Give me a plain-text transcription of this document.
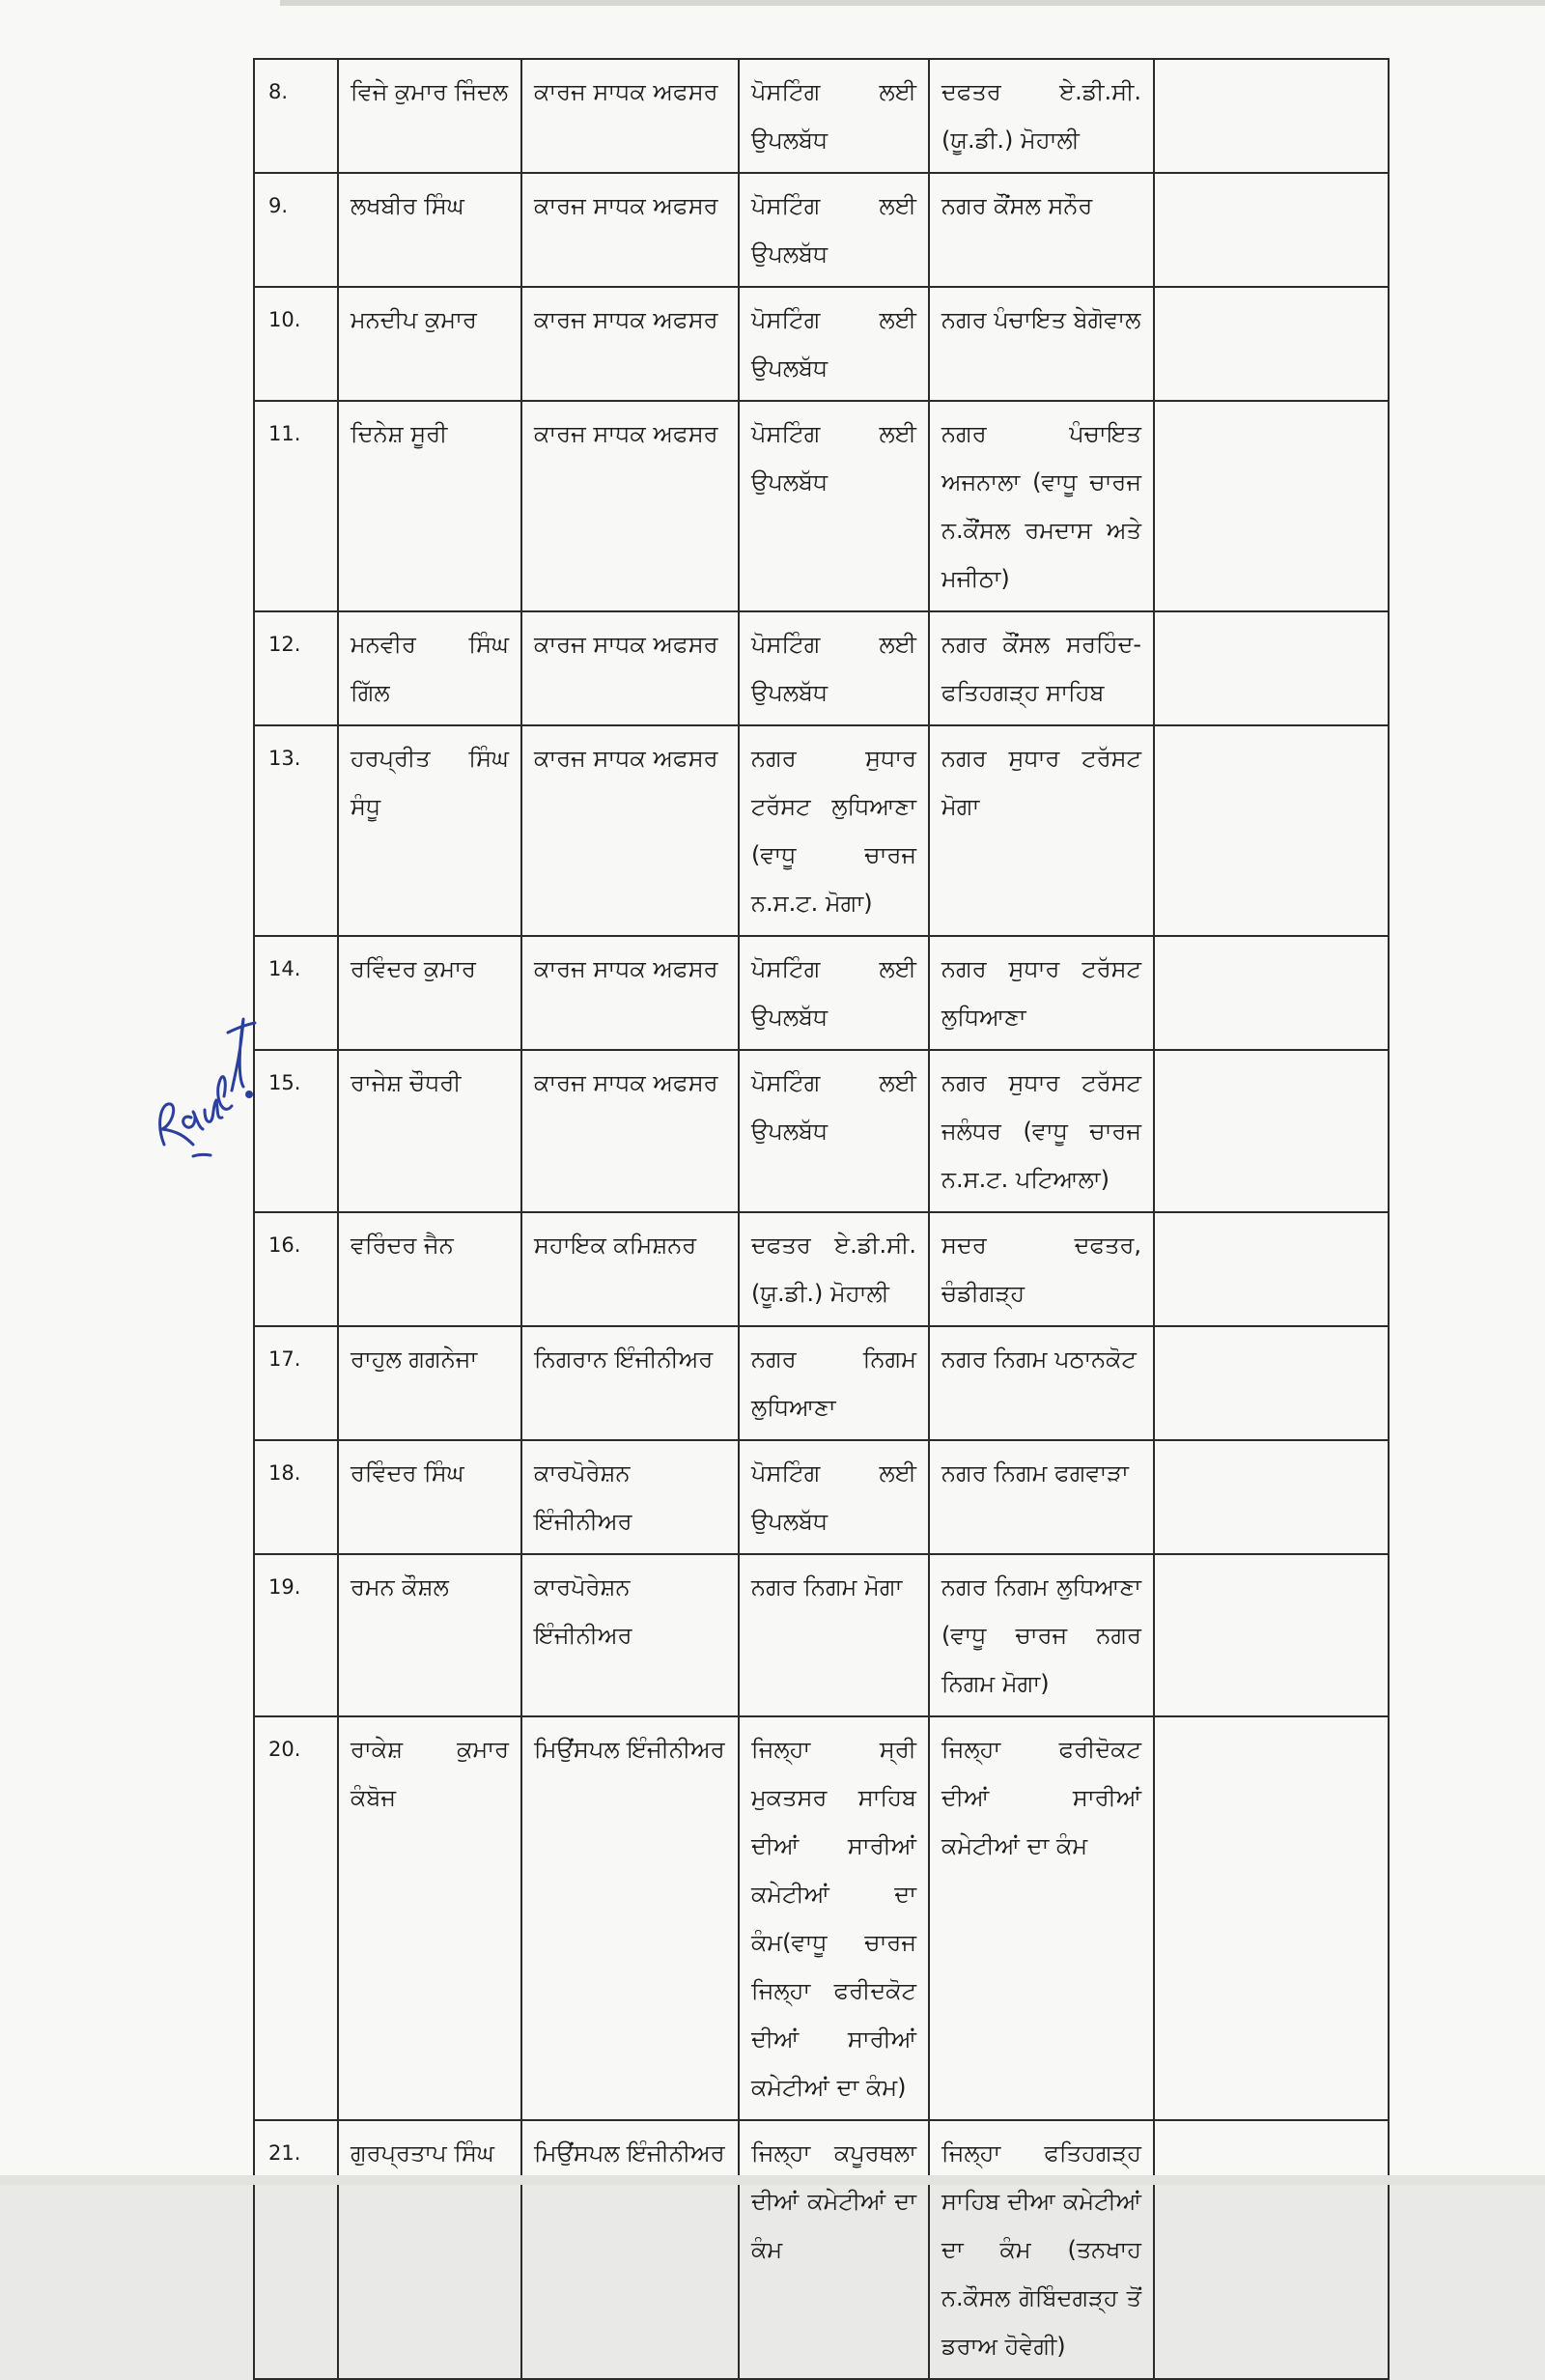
8.	ਵਿਜੇ ਕੁਮਾਰ ਜਿੰਦਲ	ਕਾਰਜ ਸਾਧਕ ਅਫਸਰ	ਪੋਸਟਿੰਗ ਲਈ ਉਪਲਬੱਧ	ਦਫਤਰ ਏ.ਡੀ.ਸੀ. (ਯੂ.ਡੀ.) ਮੋਹਾਲੀ	
9.	ਲਖਬੀਰ ਸਿੰਘ	ਕਾਰਜ ਸਾਧਕ ਅਫਸਰ	ਪੋਸਟਿੰਗ ਲਈ ਉਪਲਬੱਧ	ਨਗਰ ਕੌਂਸਲ ਸਨੌਰ	
10.	ਮਨਦੀਪ ਕੁਮਾਰ	ਕਾਰਜ ਸਾਧਕ ਅਫਸਰ	ਪੋਸਟਿੰਗ ਲਈ ਉਪਲਬੱਧ	ਨਗਰ ਪੰਚਾਇਤ ਬੇਗੋਵਾਲ	
11.	ਦਿਨੇਸ਼ ਸੂਰੀ	ਕਾਰਜ ਸਾਧਕ ਅਫਸਰ	ਪੋਸਟਿੰਗ ਲਈ ਉਪਲਬੱਧ	ਨਗਰ ਪੰਚਾਇਤ ਅਜਨਾਲਾ (ਵਾਧੂ ਚਾਰਜ ਨ.ਕੌਂਸਲ ਰਮਦਾਸ ਅਤੇ ਮਜੀਠਾ)	
12.	ਮਨਵੀਰ ਸਿੰਘ ਗਿੱਲ	ਕਾਰਜ ਸਾਧਕ ਅਫਸਰ	ਪੋਸਟਿੰਗ ਲਈ ਉਪਲਬੱਧ	ਨਗਰ ਕੌਂਸਲ ਸਰਹਿੰਦ-ਫਤਿਹਗੜ੍ਹ ਸਾਹਿਬ	
13.	ਹਰਪ੍ਰੀਤ ਸਿੰਘ ਸੰਧੂ	ਕਾਰਜ ਸਾਧਕ ਅਫਸਰ	ਨਗਰ ਸੁਧਾਰ ਟਰੱਸਟ ਲੁਧਿਆਣਾ (ਵਾਧੂ ਚਾਰਜ ਨ.ਸ.ਟ. ਮੋਗਾ)	ਨਗਰ ਸੁਧਾਰ ਟਰੱਸਟ ਮੋਗਾ	
14.	ਰਵਿੰਦਰ ਕੁਮਾਰ	ਕਾਰਜ ਸਾਧਕ ਅਫਸਰ	ਪੋਸਟਿੰਗ ਲਈ ਉਪਲਬੱਧ	ਨਗਰ ਸੁਧਾਰ ਟਰੱਸਟ ਲੁਧਿਆਣਾ	
15.	ਰਾਜੇਸ਼ ਚੌਧਰੀ	ਕਾਰਜ ਸਾਧਕ ਅਫਸਰ	ਪੋਸਟਿੰਗ ਲਈ ਉਪਲਬੱਧ	ਨਗਰ ਸੁਧਾਰ ਟਰੱਸਟ ਜਲੰਧਰ (ਵਾਧੂ ਚਾਰਜ ਨ.ਸ.ਟ. ਪਟਿਆਲਾ)	
16.	ਵਰਿੰਦਰ ਜੈਨ	ਸਹਾਇਕ ਕਮਿਸ਼ਨਰ	ਦਫਤਰ ਏ.ਡੀ.ਸੀ. (ਯੂ.ਡੀ.) ਮੋਹਾਲੀ	ਸਦਰ ਦਫਤਰ, ਚੰਡੀਗੜ੍ਹ	
17.	ਰਾਹੁਲ ਗਗਨੇਜਾ	ਨਿਗਰਾਨ ਇੰਜੀਨੀਅਰ	ਨਗਰ ਨਿਗਮ ਲੁਧਿਆਣਾ	ਨਗਰ ਨਿਗਮ ਪਠਾਨਕੋਟ	
18.	ਰਵਿੰਦਰ ਸਿੰਘ	ਕਾਰਪੋਰੇਸ਼ਨ ਇੰਜੀਨੀਅਰ	ਪੋਸਟਿੰਗ ਲਈ ਉਪਲਬੱਧ	ਨਗਰ ਨਿਗਮ ਫਗਵਾੜਾ	
19.	ਰਮਨ ਕੌਸ਼ਲ	ਕਾਰਪੋਰੇਸ਼ਨ ਇੰਜੀਨੀਅਰ	ਨਗਰ ਨਿਗਮ ਮੋਗਾ	ਨਗਰ ਨਿਗਮ ਲੁਧਿਆਣਾ (ਵਾਧੂ ਚਾਰਜ ਨਗਰ ਨਿਗਮ ਮੋਗਾ)	
20.	ਰਾਕੇਸ਼ ਕੁਮਾਰ ਕੰਬੋਜ	ਮਿਉਂਸਪਲ ਇੰਜੀਨੀਅਰ	ਜਿਲ੍ਹਾ ਸ੍ਰੀ ਮੁਕਤਸਰ ਸਾਹਿਬ ਦੀਆਂ ਸਾਰੀਆਂ ਕਮੇਟੀਆਂ ਦਾ ਕੰਮ(ਵਾਧੂ ਚਾਰਜ ਜਿਲ੍ਹਾ ਫਰੀਦਕੋਟ ਦੀਆਂ ਸਾਰੀਆਂ ਕਮੇਟੀਆਂ ਦਾ ਕੰਮ)	ਜਿਲ੍ਹਾ ਫਰੀਦੋਕਟ ਦੀਆਂ ਸਾਰੀਆਂ ਕਮੇਟੀਆਂ ਦਾ ਕੰਮ	
21.	ਗੁਰਪ੍ਰਤਾਪ ਸਿੰਘ	ਮਿਉਂਸਪਲ ਇੰਜੀਨੀਅਰ	ਜਿਲ੍ਹਾ ਕਪੂਰਥਲਾ ਦੀਆਂ ਕਮੇਟੀਆਂ ਦਾ ਕੰਮ	ਜਿਲ੍ਹਾ ਫਤਿਹਗੜ੍ਹ ਸਾਹਿਬ ਦੀਆ ਕਮੇਟੀਆਂ ਦਾ ਕੰਮ (ਤਨਖਾਹ ਨ.ਕੌਸਲ ਗੋਬਿੰਦਗੜ੍ਹ ਤੋਂ ਡਰਾਅ ਹੋਵੇਗੀ)	
